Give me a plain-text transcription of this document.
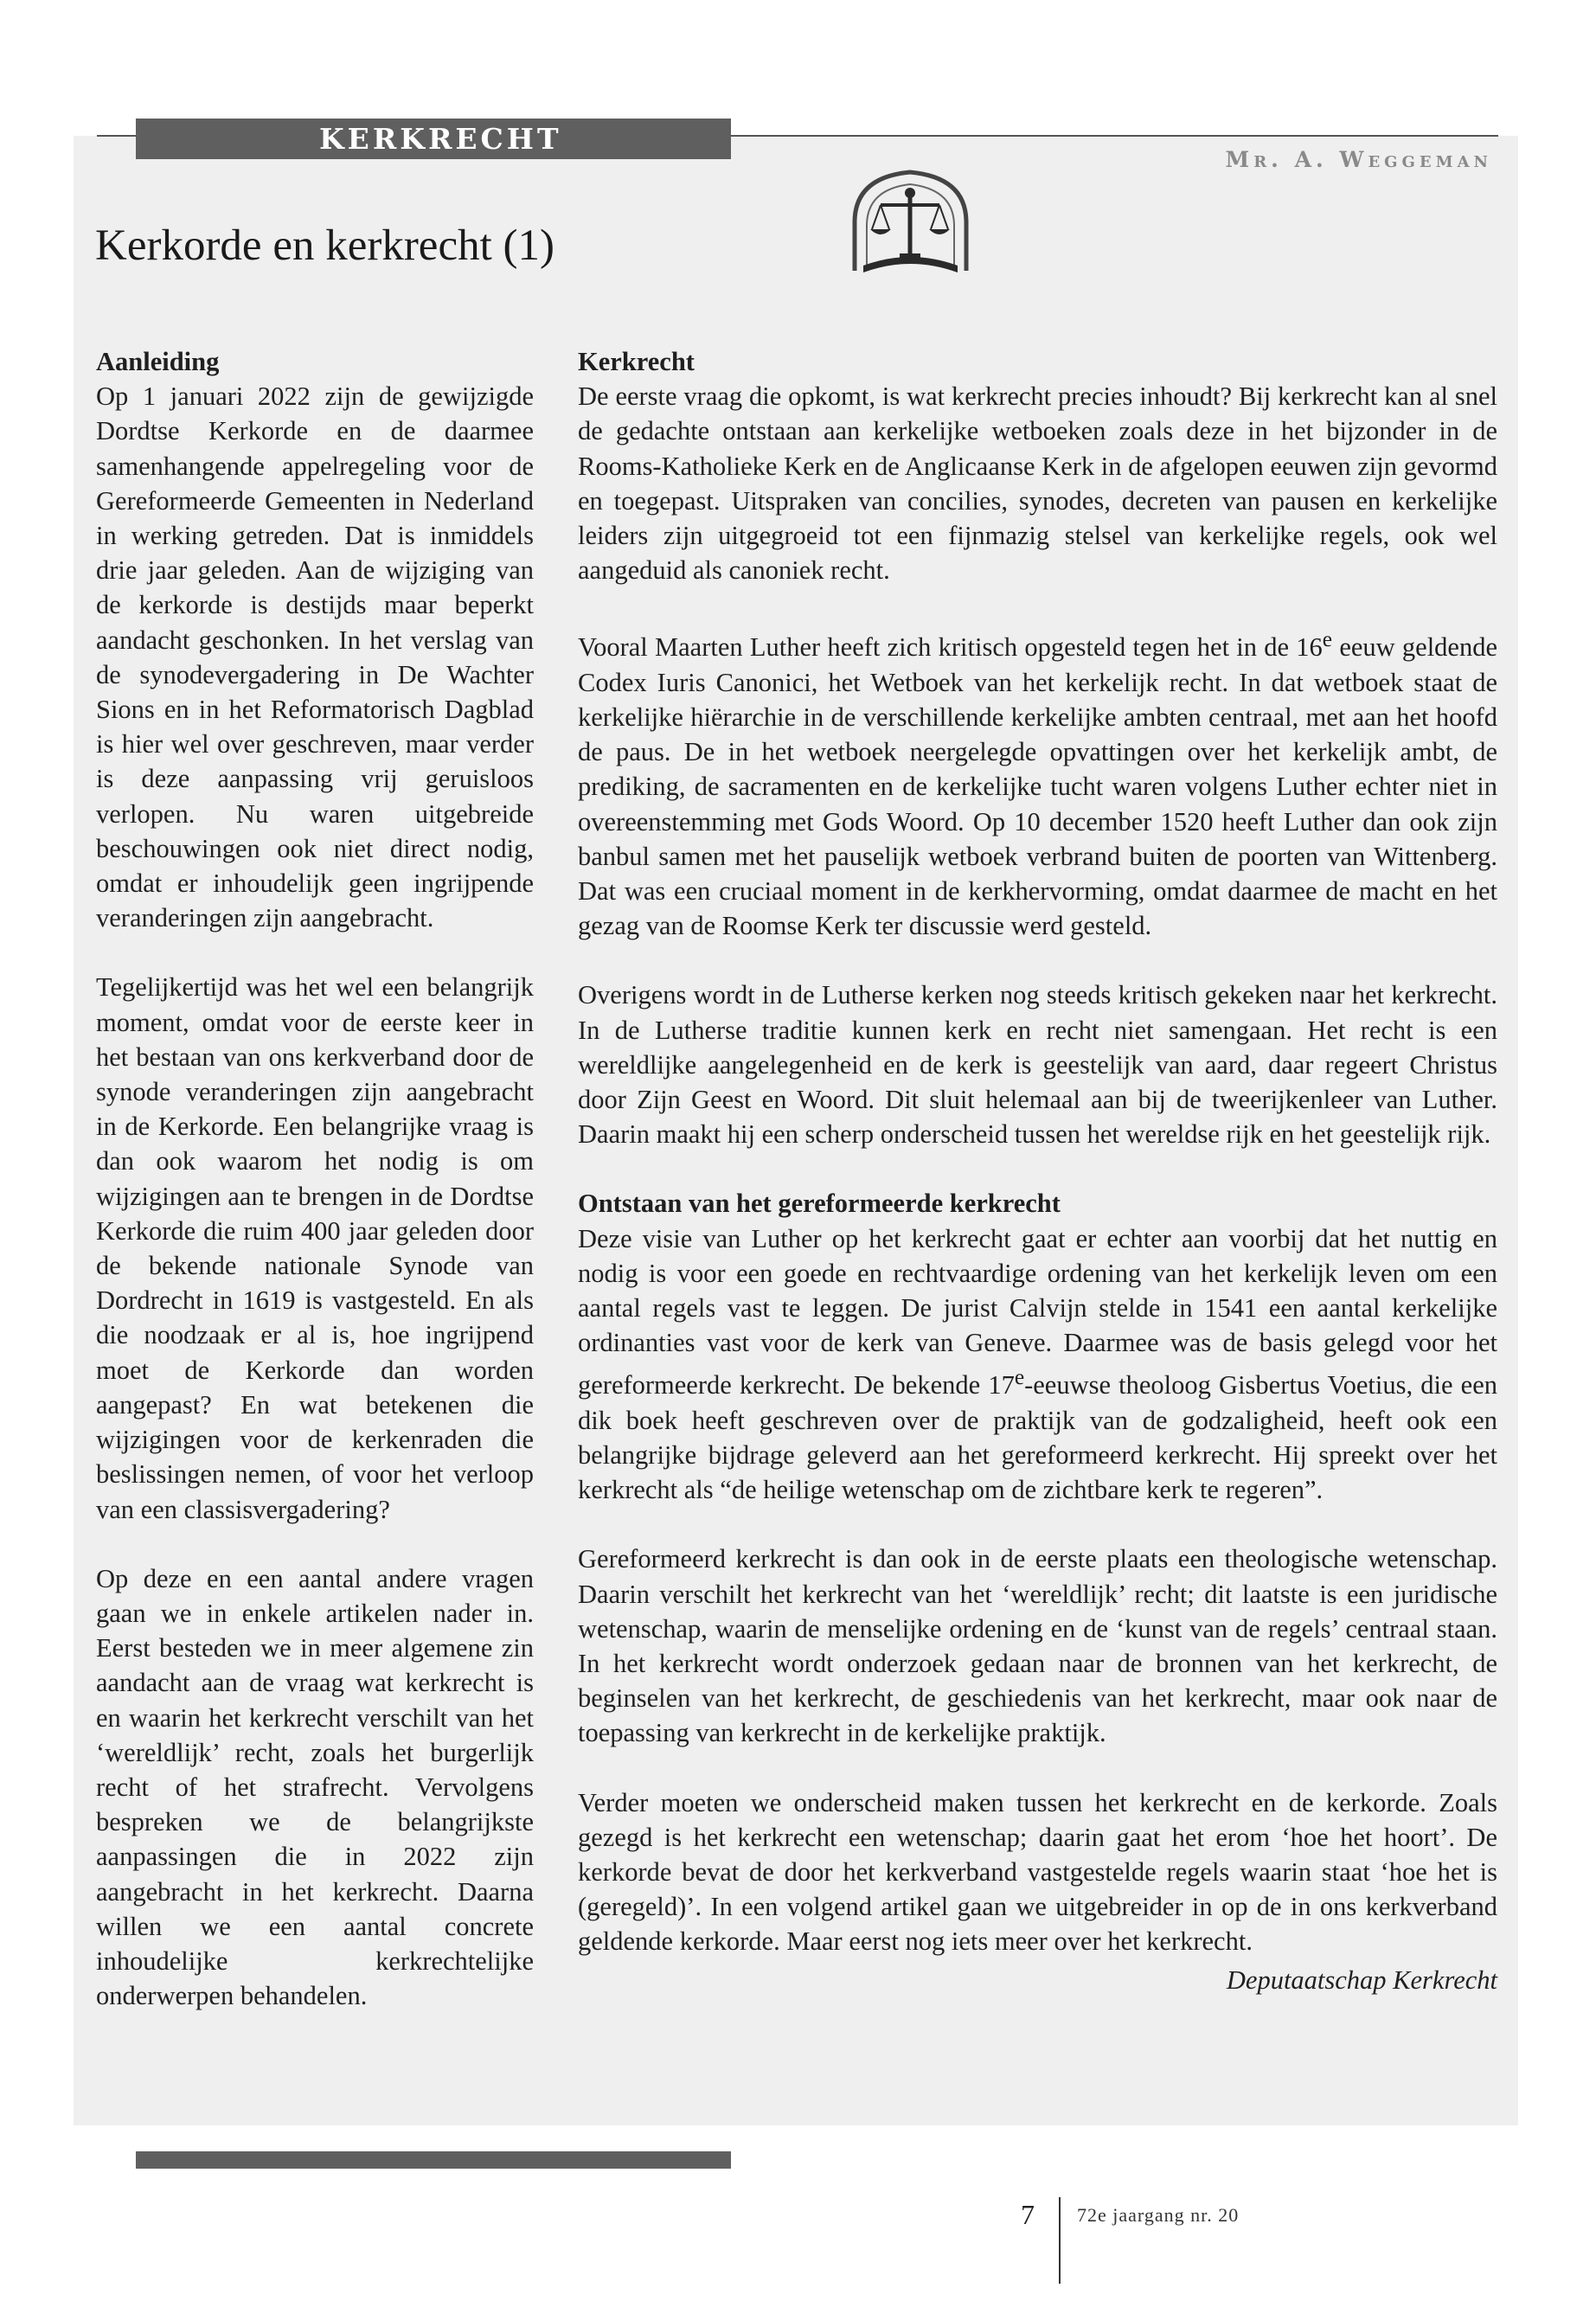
KERKRECHT
Mr. A. Weggeman
Kerkorde en kerkrecht (1)
Aanleiding

Op 1 januari 2022 zijn de gewijzigde Dordtse Kerkorde en de daarmee samenhangende appelregeling voor de Gereformeerde Gemeenten in Nederland in werking getreden. Dat is inmiddels drie jaar geleden. Aan de wijziging van de kerkorde is destijds maar beperkt aandacht geschonken. In het verslag van de synodevergadering in De Wachter Sions en in het Reformatorisch Dagblad is hier wel over geschreven, maar verder is deze aanpassing vrij geruisloos verlopen. Nu waren uitgebreide beschouwingen ook niet direct nodig, omdat er inhoudelijk geen ingrijpende veranderingen zijn aangebracht.

Tegelijkertijd was het wel een belangrijk moment, omdat voor de eerste keer in het bestaan van ons kerkverband door de synode veranderingen zijn aangebracht in de Kerkorde. Een belangrijke vraag is dan ook waarom het nodig is om wijzigingen aan te brengen in de Dordtse Kerkorde die ruim 400 jaar geleden door de bekende nationale Synode van Dordrecht in 1619 is vastgesteld. En als die noodzaak er al is, hoe ingrijpend moet de Kerkorde dan worden aangepast? En wat betekenen die wijzigingen voor de kerkenraden die beslissingen nemen, of voor het verloop van een classisvergadering?

Op deze en een aantal andere vragen gaan we in enkele artikelen nader in. Eerst besteden we in meer algemene zin aandacht aan de vraag wat kerkrecht is en waarin het kerkrecht verschilt van het ‘wereldlijk’ recht, zoals het burgerlijk recht of het strafrecht. Vervolgens bespreken we de belangrijkste aanpassingen die in 2022 zijn aangebracht in het kerkrecht. Daarna willen we een aantal concrete inhoudelijke kerkrechtelijke onderwerpen behandelen.

Kerkrecht

De eerste vraag die opkomt, is wat kerkrecht precies inhoudt? Bij kerkrecht kan al snel de gedachte ontstaan aan kerkelijke wetboeken zoals deze in het bijzonder in de Rooms-Katholieke Kerk en de Anglicaanse Kerk in de afgelopen eeuwen zijn gevormd en toegepast. Uitspraken van concilies, synodes, decreten van pausen en kerkelijke leiders zijn uitgegroeid tot een fijnmazig stelsel van kerkelijke regels, ook wel aangeduid als canoniek recht.

Vooral Maarten Luther heeft zich kritisch opgesteld tegen het in de 16e eeuw geldende Codex Iuris Canonici, het Wetboek van het kerkelijk recht. In dat wetboek staat de kerkelijke hiërarchie in de verschillende kerkelijke ambten centraal, met aan het hoofd de paus. De in het wetboek neergelegde opvattingen over het kerkelijk ambt, de prediking, de sacramenten en de kerkelijke tucht waren volgens Luther echter niet in overeenstemming met Gods Woord. Op 10 december 1520 heeft Luther dan ook zijn banbul samen met het pauselijk wetboek verbrand buiten de poorten van Wittenberg. Dat was een cruciaal moment in de kerkhervorming, omdat daarmee de macht en het gezag van de Roomse Kerk ter discussie werd gesteld.

Overigens wordt in de Lutherse kerken nog steeds kritisch gekeken naar het kerkrecht. In de Lutherse traditie kunnen kerk en recht niet samengaan. Het recht is een wereldlijke aangelegenheid en de kerk is geestelijk van aard, daar regeert Christus door Zijn Geest en Woord. Dit sluit helemaal aan bij de tweerijkenleer van Luther. Daarin maakt hij een scherp onderscheid tussen het wereldse rijk en het geestelijk rijk.

Ontstaan van het gereformeerde kerkrecht

Deze visie van Luther op het kerkrecht gaat er echter aan voorbij dat het nuttig en nodig is voor een goede en rechtvaardige ordening van het kerkelijk leven om een aantal regels vast te leggen. De jurist Calvijn stelde in 1541 een aantal kerkelijke ordinanties vast voor de kerk van Geneve. Daarmee was de basis gelegd voor het gereformeerde kerkrecht. De bekende 17e-eeuwse theoloog Gisbertus Voetius, die een dik boek heeft geschreven over de praktijk van de godzaligheid, heeft ook een belangrijke bijdrage geleverd aan het gereformeerd kerkrecht. Hij spreekt over het kerkrecht als “de heilige wetenschap om de zichtbare kerk te regeren”.

Gereformeerd kerkrecht is dan ook in de eerste plaats een theologische wetenschap. Daarin verschilt het kerkrecht van het ‘wereldlijk’ recht; dit laatste is een juridische wetenschap, waarin de menselijke ordening en de ‘kunst van de regels’ centraal staan. In het kerkrecht wordt onderzoek gedaan naar de bronnen van het kerkrecht, de beginselen van het kerkrecht, de geschiedenis van het kerkrecht, maar ook naar de toepassing van kerkrecht in de kerkelijke praktijk.

Verder moeten we onderscheid maken tussen het kerkrecht en de kerkorde. Zoals gezegd is het kerkrecht een wetenschap; daarin gaat het erom ‘hoe het hoort’. De kerkorde bevat de door het kerkverband vastgestelde regels waarin staat ‘hoe het is (geregeld)’. In een volgend artikel gaan we uitgebreider in op de in ons kerkverband geldende kerkorde. Maar eerst nog iets meer over het kerkrecht.

Deputaatschap Kerkrecht
7 72e jaargang nr. 20
